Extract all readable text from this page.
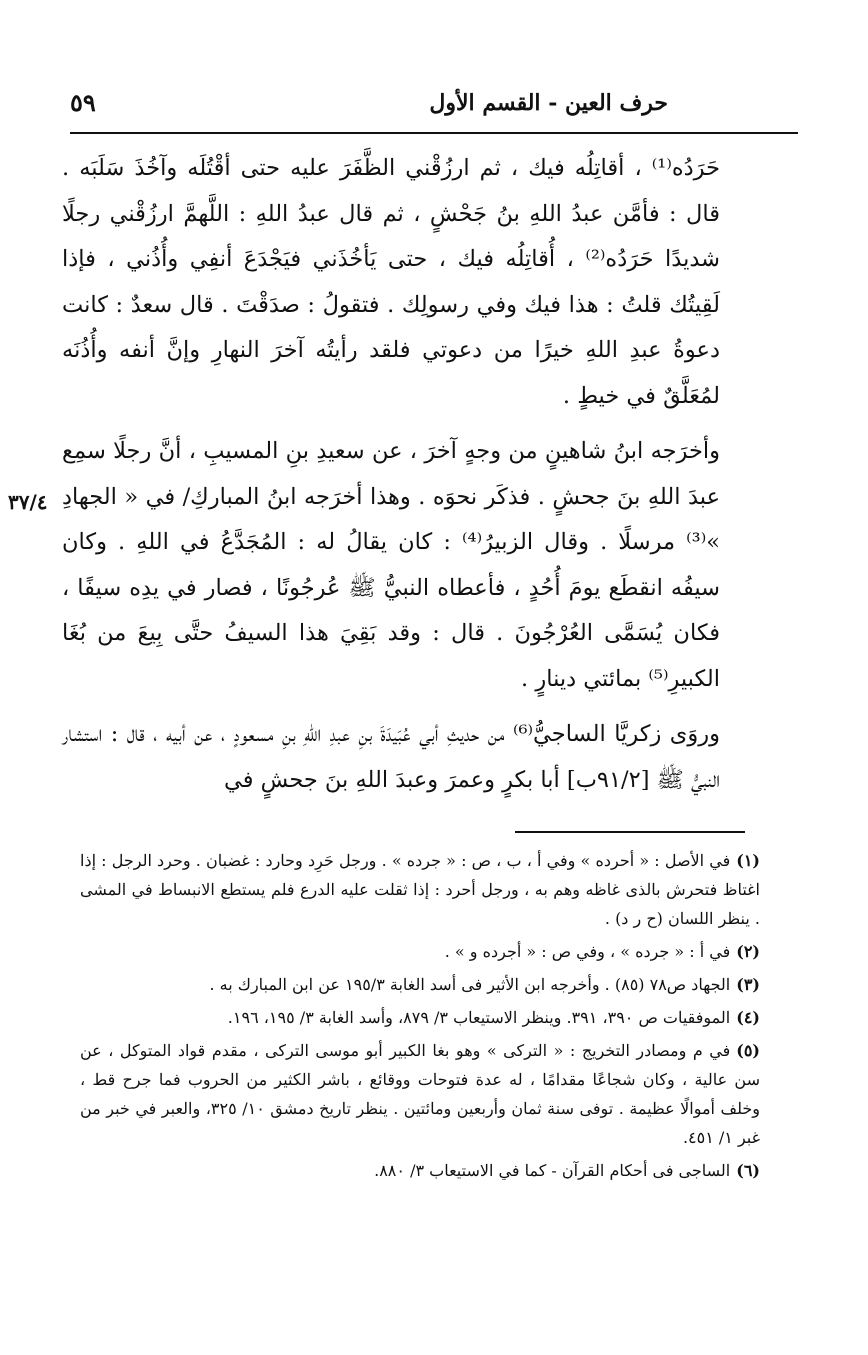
٥٩	حرف العين - القسم الأول
٣٧/٤

حَرَدُه⁽¹⁾ ، أقاتِلُه فيك ، ثم ارزُقْني الظَّفَرَ عليه حتى أقْتُلَه وآخُذَ سَلَبَه . قال : فأمَّن عبدُ اللهِ بنُ جَحْشٍ ، ثم قال عبدُ اللهِ : اللَّهمَّ ارزُقْني رجلًا شديدًا حَرَدُه⁽²⁾ ، أُقاتِلُه فيك ، حتى يَأخُذَني فيَجْدَعَ أنفِي وأُذُني ، فإذا لَقِيتُك قلتُ : هذا فيك وفي رسولِك . فتقولُ : صدَقْتَ . قال سعدٌ : كانت دعوةُ عبدِ اللهِ خيرًا من دعوتي فلقد رأيتُه آخرَ النهارِ وإنَّ أنفه وأُذُنَه لمُعَلَّقٌ في خيطٍ .

وأخرَجه ابنُ شاهينٍ من وجهٍ آخرَ ، عن سعيدِ بنِ المسيبِ ، أنَّ رجلًا سمِع عبدَ اللهِ بنَ جحشٍ . فذكَر نحوَه . وهذا أخرَجه ابنُ المباركِ/ في « الجهادِ »⁽³⁾ مرسلًا . وقال الزبيرُ⁽⁴⁾ : كان يقالُ له : المُجَدَّعُ في اللهِ . وكان سيفُه انقطَع يومَ أُحُدٍ ، فأعطاه النبيُّ ﷺ عُرجُونًا ، فصار في يدِه سيفًا ، فكان يُسَمَّى العُرْجُونَ . قال : وقد بَقِيَ هذا السيفُ حتَّى بِيعَ من بُغَا الكبيرِ⁽⁵⁾ بمائتي دينارٍ .

وروَى زكريَّا الساجيُّ⁽⁶⁾ من حديثِ أبي عُبَيدَةَ بنِ عبدِ اللهِ بنِ مسعودٍ ، عن أبيه ، قال : استشار النبيُّ ﷺ [٩١/٢ب] أبا بكرٍ وعمرَ وعبدَ اللهِ بنَ جحشٍ في

(١)في الأصل : « أحرده » وفي أ ، ب ، ص : « جرده » . ورجل حَرِد وحارد : غضبان . وحرد الرجل : إذا اغتاظ فتحرش بالذى غاظه وهم به ، ورجل أحرد : إذا ثقلت عليه الدرع فلم يستطع الانبساط في المشى . ينظر اللسان (ح ر د) .

(٢)في أ : « جرده » ، وفي ص : « أجرده و » .

(٣)الجهاد ص٧٨ (٨٥) . وأخرجه ابن الأثير فى أسد الغابة ١٩٥/٣ عن ابن المبارك به .

(٤)الموفقيات ص ٣٩٠، ٣٩١. وينظر الاستيعاب ٣/ ٨٧٩، وأسد الغابة ٣/ ١٩٥، ١٩٦.

(٥)في م ومصادر التخريج : « التركى » وهو بغا الكبير أبو موسى التركى ، مقدم قواد المتوكل ، عن سن عالية ، وكان شجاعًا مقدامًا ، له عدة فتوحات ووقائع ، باشر الكثير من الحروب فما جرح قط ، وخلف أموالًا عظيمة . توفى سنة ثمان وأربعين ومائتين . ينظر تاريخ دمشق ١٠/ ٣٢٥، والعبر في خبر من غبر ١/ ٤٥١.

(٦)الساجى فى أحكام القرآن - كما في الاستيعاب ٣/ ٨٨٠.
